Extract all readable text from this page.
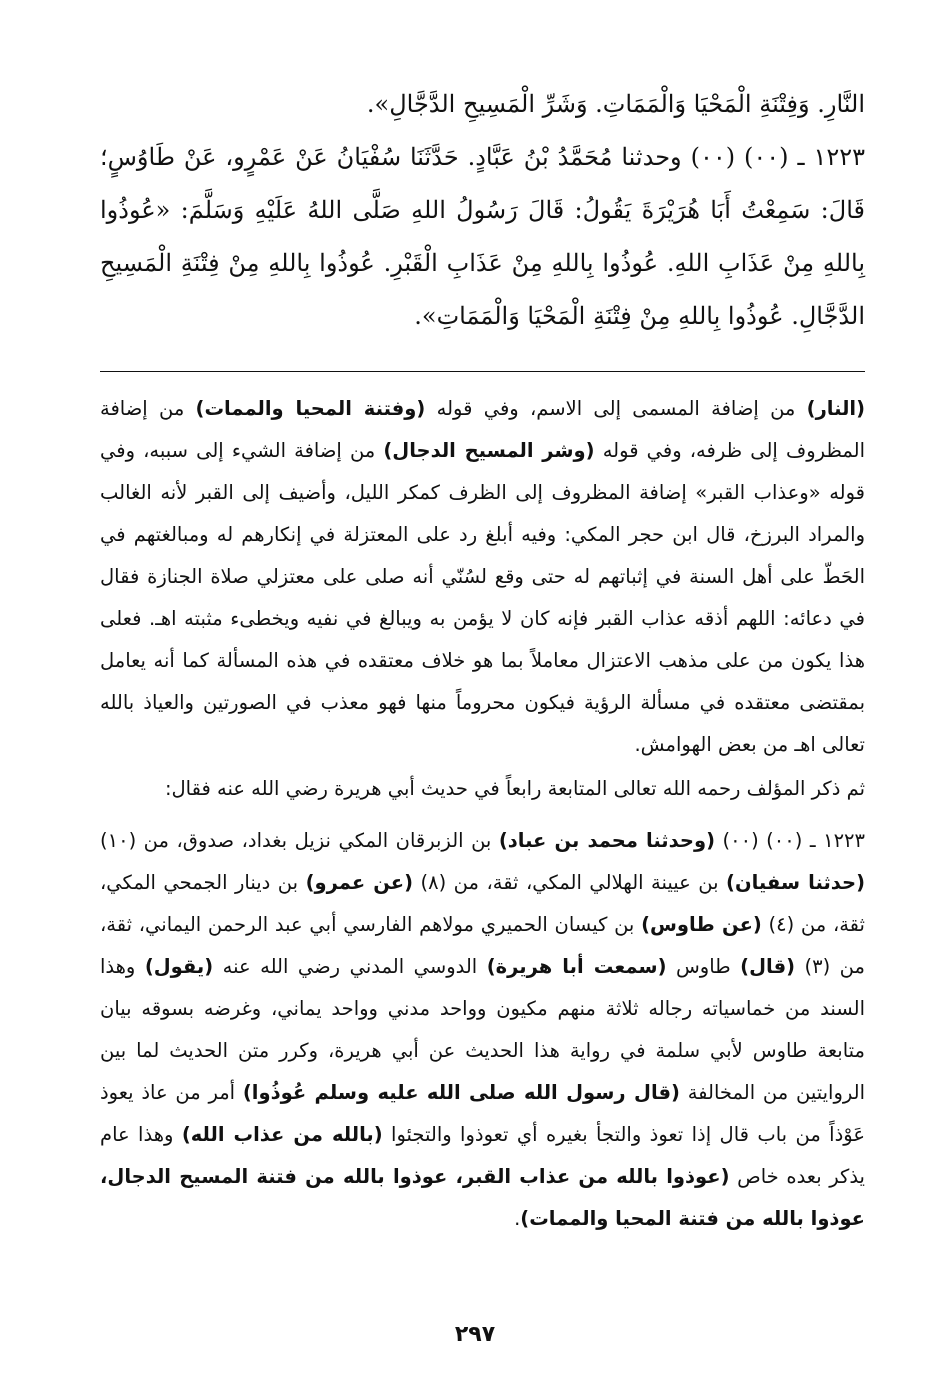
النَّارِ. وَفِتْنَةِ الْمَحْيَا وَالْمَمَاتِ. وَشَرِّ الْمَسِيحِ الدَّجَّالِ».

١٢٢٣ ـ (٠٠) (٠٠) وحدثنا مُحَمَّدُ بْنُ عَبَّادٍ. حَدَّثَنَا سُفْيَانُ عَنْ عَمْرٍو، عَنْ طَاوُسٍ؛ قَالَ: سَمِعْتُ أَبَا هُرَيْرَةَ يَقُولُ: قَالَ رَسُولُ اللهِ صَلَّى اللهُ عَلَيْهِ وَسَلَّمَ: «عُوذُوا بِاللهِ مِنْ عَذَابِ اللهِ. عُوذُوا بِاللهِ مِنْ عَذَابِ الْقَبْرِ. عُوذُوا بِاللهِ مِنْ فِتْنَةِ الْمَسِيحِ الدَّجَّالِ. عُوذُوا بِاللهِ مِنْ فِتْنَةِ الْمَحْيَا وَالْمَمَاتِ».

(النار) من إضافة المسمى إلى الاسم، وفي قوله (وفتنة المحيا والممات) من إضافة المظروف إلى ظرفه، وفي قوله (وشر المسيح الدجال) من إضافة الشيء إلى سببه، وفي قوله «وعذاب القبر» إضافة المظروف إلى الظرف كمكر الليل، وأضيف إلى القبر لأنه الغالب والمراد البرزخ، قال ابن حجر المكي: وفيه أبلغ رد على المعتزلة في إنكارهم له ومبالغتهم في الحَطّ على أهل السنة في إثباتهم له حتى وقع لسُنّي أنه صلى على معتزلي صلاة الجنازة فقال في دعائه: اللهم أذقه عذاب القبر فإنه كان لا يؤمن به ويبالغ في نفيه ويخطىء مثبته اهـ. فعلى هذا يكون من على مذهب الاعتزال معاملاً بما هو خلاف معتقده في هذه المسألة كما أنه يعامل بمقتضى معتقده في مسألة الرؤية فيكون محروماً منها فهو معذب في الصورتين والعياذ بالله تعالى اهـ من بعض الهوامش.

ثم ذكر المؤلف رحمه الله تعالى المتابعة رابعاً في حديث أبي هريرة رضي الله عنه فقال:

١٢٢٣ ـ (٠٠) (٠٠) (وحدثنا محمد بن عباد) بن الزبرقان المكي نزيل بغداد، صدوق، من (١٠) (حدثنا سفيان) بن عيينة الهلالي المكي، ثقة، من (٨) (عن عمرو) بن دينار الجمحي المكي، ثقة، من (٤) (عن طاوس) بن كيسان الحميري مولاهم الفارسي أبي عبد الرحمن اليماني، ثقة، من (٣) (قال) طاوس (سمعت أبا هريرة) الدوسي المدني رضي الله عنه (يقول) وهذا السند من خماسياته رجاله ثلاثة منهم مكيون وواحد مدني وواحد يماني، وغرضه بسوقه بيان متابعة طاوس لأبي سلمة في رواية هذا الحديث عن أبي هريرة، وكرر متن الحديث لما بين الروايتين من المخالفة (قال رسول الله صلى الله عليه وسلم عُوذُوا) أمر من عاذ يعوذ عَوْذاً من باب قال إذا تعوذ والتجأ بغيره أي تعوذوا والتجئوا (بالله من عذاب الله) وهذا عام يذكر بعده خاص (عوذوا بالله من عذاب القبر، عوذوا بالله من فتنة المسيح الدجال، عوذوا بالله من فتنة المحيا والممات).

٢٩٧
